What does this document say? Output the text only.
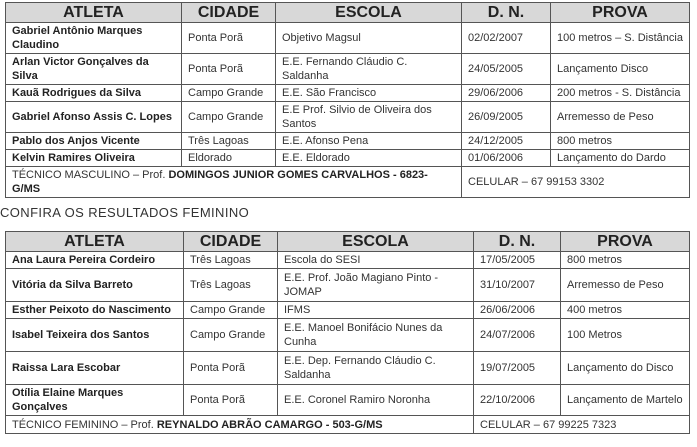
ATLETA	CIDADE	ESCOLA	D. N.	PROVA
Gabriel Antônio Marques Claudino	Ponta Porã	Objetivo Magsul	02/02/2007	100 metros – S. Distância
Arlan Victor Gonçalves da Silva	Ponta Porã	E.E. Fernando Cláudio C. Saldanha	24/05/2005	Lançamento Disco
Kauã Rodrigues da Silva	Campo Grande	E.E. São Francisco	29/06/2006	200 metros - S. Distância
Gabriel Afonso Assis C. Lopes	Campo Grande	E.E Prof. Silvio de Oliveira dos Santos	26/09/2005	Arremesso de Peso
Pablo dos Anjos Vicente	Três Lagoas	E.E. Afonso Pena	24/12/2005	800 metros
Kelvin Ramires Oliveira	Eldorado	E.E. Eldorado	01/06/2006	Lançamento do Dardo
TÉCNICO MASCULINO – Prof. DOMINGOS JUNIOR GOMES CARVALHOS - 6823-G/MS			CELULAR – 67 99153 3302	
CONFIRA OS RESULTADOS FEMININO
ATLETA	CIDADE	ESCOLA	D. N.	PROVA
Ana Laura Pereira Cordeiro	Três Lagoas	Escola do SESI	17/05/2005	800 metros
Vitória da Silva Barreto	Três Lagoas	E.E. Prof. João Magiano Pinto - JOMAP	31/10/2007	Arremesso de Peso
Esther Peixoto do Nascimento	Campo Grande	IFMS	26/06/2006	400 metros
Isabel Teixeira dos Santos	Campo Grande	E.E. Manoel Bonifácio Nunes da Cunha	24/07/2006	100 Metros
Raissa Lara Escobar	Ponta Porã	E.E. Dep. Fernando Cláudio C. Saldanha	19/07/2005	Lançamento do Disco
Otília Elaine Marques Gonçalves	Ponta Porã	E.E. Coronel Ramiro Noronha	22/10/2006	Lançamento de Martelo
TÉCNICO FEMININO – Prof. REYNALDO ABRÃO CAMARGO - 503-G/MS			CELULAR – 67 99225 7323	
